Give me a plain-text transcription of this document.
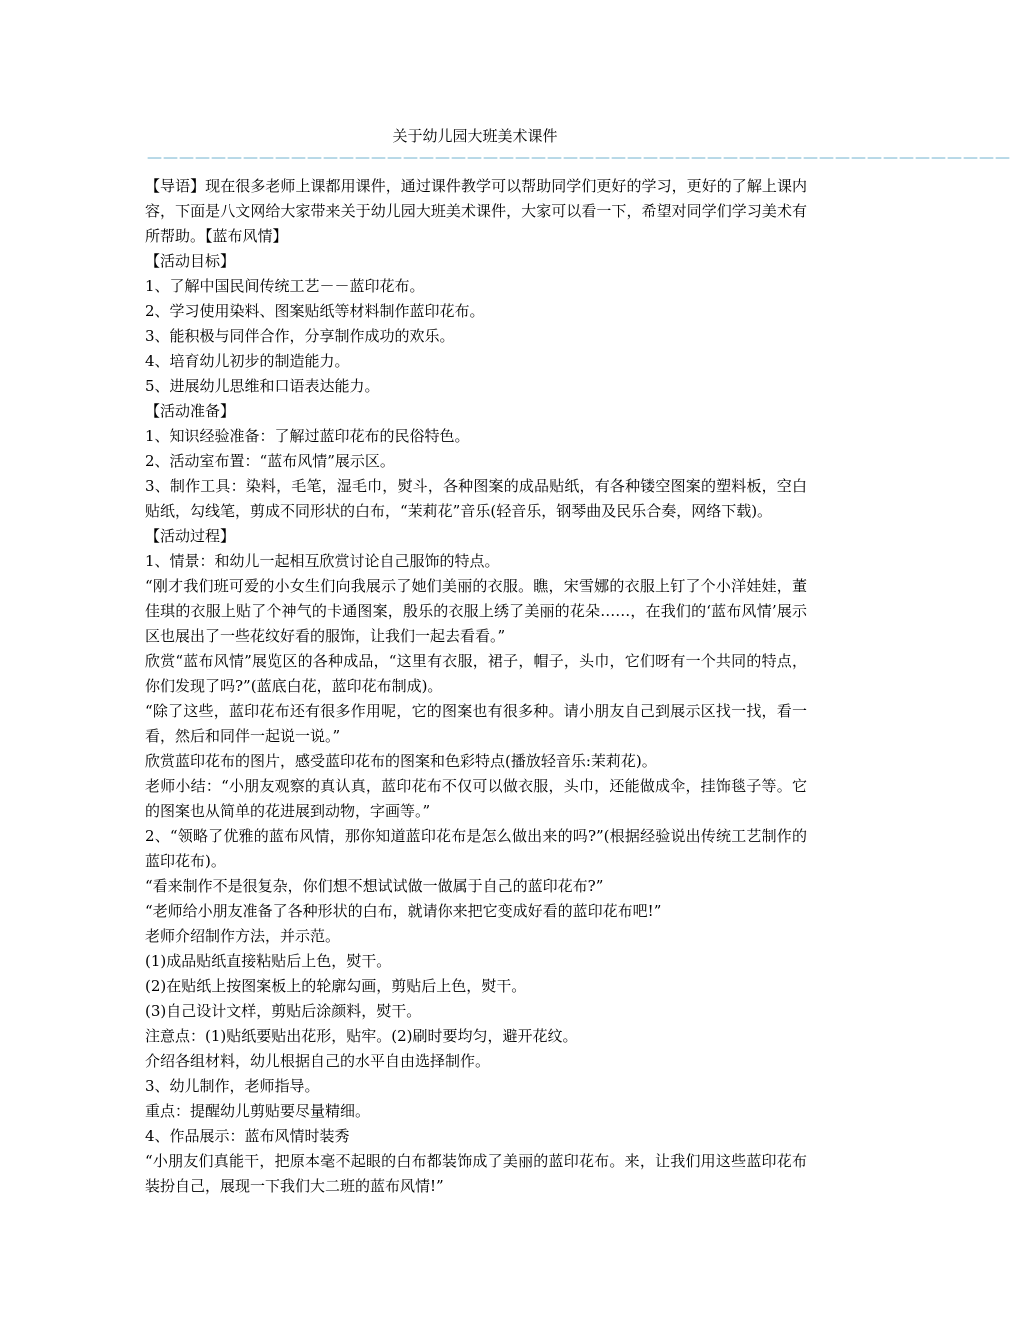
关于幼儿园大班美术课件
——————————————————————————————————————————————————————

【导语】现在很多老师上课都用课件，通过课件教学可以帮助同学们更好的学习，更好的了解上课内容，下面是八文网给大家带来关于幼儿园大班美术课件，大家可以看一下，希望对同学们学习美术有所帮助。【蓝布风情】

【活动目标】

1、了解中国民间传统工艺－－蓝印花布。

2、学习使用染料、图案贴纸等材料制作蓝印花布。

3、能积极与同伴合作，分享制作成功的欢乐。

4、培育幼儿初步的制造能力。

5、进展幼儿思维和口语表达能力。

【活动准备】

1、知识经验准备：了解过蓝印花布的民俗特色。

2、活动室布置：“蓝布风情”展示区。

3、制作工具：染料，毛笔，湿毛巾，熨斗，各种图案的成品贴纸，有各种镂空图案的塑料板，空白贴纸，勾线笔，剪成不同形状的白布，“茉莉花”音乐(轻音乐，钢琴曲及民乐合奏，网络下载)。

【活动过程】

1、情景：和幼儿一起相互欣赏讨论自己服饰的特点。

“刚才我们班可爱的小女生们向我展示了她们美丽的衣服。瞧，宋雪娜的衣服上钉了个小洋娃娃，董佳琪的衣服上贴了个神气的卡通图案，殷乐的衣服上绣了美丽的花朵……，在我们的‘蓝布风情’展示区也展出了一些花纹好看的服饰，让我们一起去看看。”

欣赏“蓝布风情”展览区的各种成品，“这里有衣服，裙子，帽子，头巾，它们呀有一个共同的特点，你们发现了吗?”(蓝底白花，蓝印花布制成)。

“除了这些，蓝印花布还有很多作用呢，它的图案也有很多种。请小朋友自己到展示区找一找，看一看，然后和同伴一起说一说。”

欣赏蓝印花布的图片，感受蓝印花布的图案和色彩特点(播放轻音乐:茉莉花)。

老师小结：“小朋友观察的真认真，蓝印花布不仅可以做衣服，头巾，还能做成伞，挂饰毯子等。它的图案也从简单的花进展到动物，字画等。”

2、“领略了优雅的蓝布风情，那你知道蓝印花布是怎么做出来的吗?”(根据经验说出传统工艺制作的蓝印花布)。

“看来制作不是很复杂，你们想不想试试做一做属于自己的蓝印花布?”

“老师给小朋友准备了各种形状的白布，就请你来把它变成好看的蓝印花布吧!”

老师介绍制作方法，并示范。

(1)成品贴纸直接粘贴后上色，熨干。

(2)在贴纸上按图案板上的轮廓勾画，剪贴后上色，熨干。

(3)自己设计文样，剪贴后涂颜料，熨干。

注意点：(1)贴纸要贴出花形，贴牢。(2)刷时要均匀，避开花纹。

介绍各组材料，幼儿根据自己的水平自由选择制作。

3、幼儿制作，老师指导。

重点：提醒幼儿剪贴要尽量精细。

4、作品展示：蓝布风情时装秀

“小朋友们真能干，把原本毫不起眼的白布都装饰成了美丽的蓝印花布。来，让我们用这些蓝印花布装扮自己，展现一下我们大二班的蓝布风情!”
